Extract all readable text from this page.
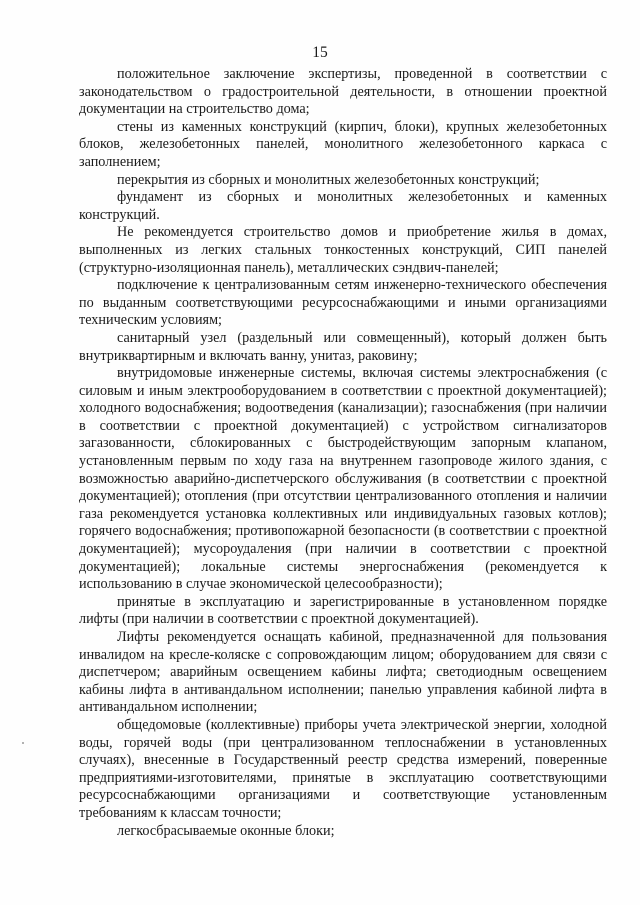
15

положительное заключение экспертизы, проведенной в соответствии с законодательством о градостроительной деятельности, в отношении проектной документации на строительство дома;

стены из каменных конструкций (кирпич, блоки), крупных железобетонных блоков, железобетонных панелей, монолитного железобетонного каркаса с заполнением;

перекрытия из сборных и монолитных железобетонных конструкций;

фундамент из сборных и монолитных железобетонных и каменных конструкций.

Не рекомендуется строительство домов и приобретение жилья в домах, выполненных из легких стальных тонкостенных конструкций, СИП панелей (структурно-изоляционная панель), металлических сэндвич-панелей;

подключение к централизованным сетям инженерно-технического обеспечения по выданным соответствующими ресурсоснабжающими и иными организациями техническим условиям;

санитарный узел (раздельный или совмещенный), который должен быть внутриквартирным и включать ванну, унитаз, раковину;

внутридомовые инженерные системы, включая системы электроснабжения (с силовым и иным электрооборудованием в соответствии с проектной документацией); холодного водоснабжения; водоотведения (канализации); газоснабжения (при наличии в соответствии с проектной документацией) с устройством сигнализаторов загазованности, сблокированных с быстродействующим запорным клапаном, установленным первым по ходу газа на внутреннем газопроводе жилого здания, с возможностью аварийно-диспетчерского обслуживания (в соответствии с проектной документацией); отопления (при отсутствии централизованного отопления и наличии газа рекомендуется установка коллективных или индивидуальных газовых котлов); горячего водоснабжения; противопожарной безопасности (в соответствии с проектной документацией); мусороудаления (при наличии в соответствии с проектной документацией); локальные системы энергоснабжения (рекомендуется к использованию в случае экономической целесообразности);

принятые в эксплуатацию и зарегистрированные в установленном порядке лифты (при наличии в соответствии с проектной документацией).

Лифты рекомендуется оснащать кабиной, предназначенной для пользования инвалидом на кресле-коляске с сопровождающим лицом; оборудованием для связи с диспетчером; аварийным освещением кабины лифта; светодиодным освещением кабины лифта в антивандальном исполнении; панелью управления кабиной лифта в антивандальном исполнении;

общедомовые (коллективные) приборы учета электрической энергии, холодной воды, горячей воды (при централизованном теплоснабжении в установленных случаях), внесенные в Государственный реестр средства измерений, поверенные предприятиями-изготовителями, принятые в эксплуатацию соответствующими ресурсоснабжающими организациями и соответствующие установленным требованиям к классам точности;

легкосбрасываемые оконные блоки;
